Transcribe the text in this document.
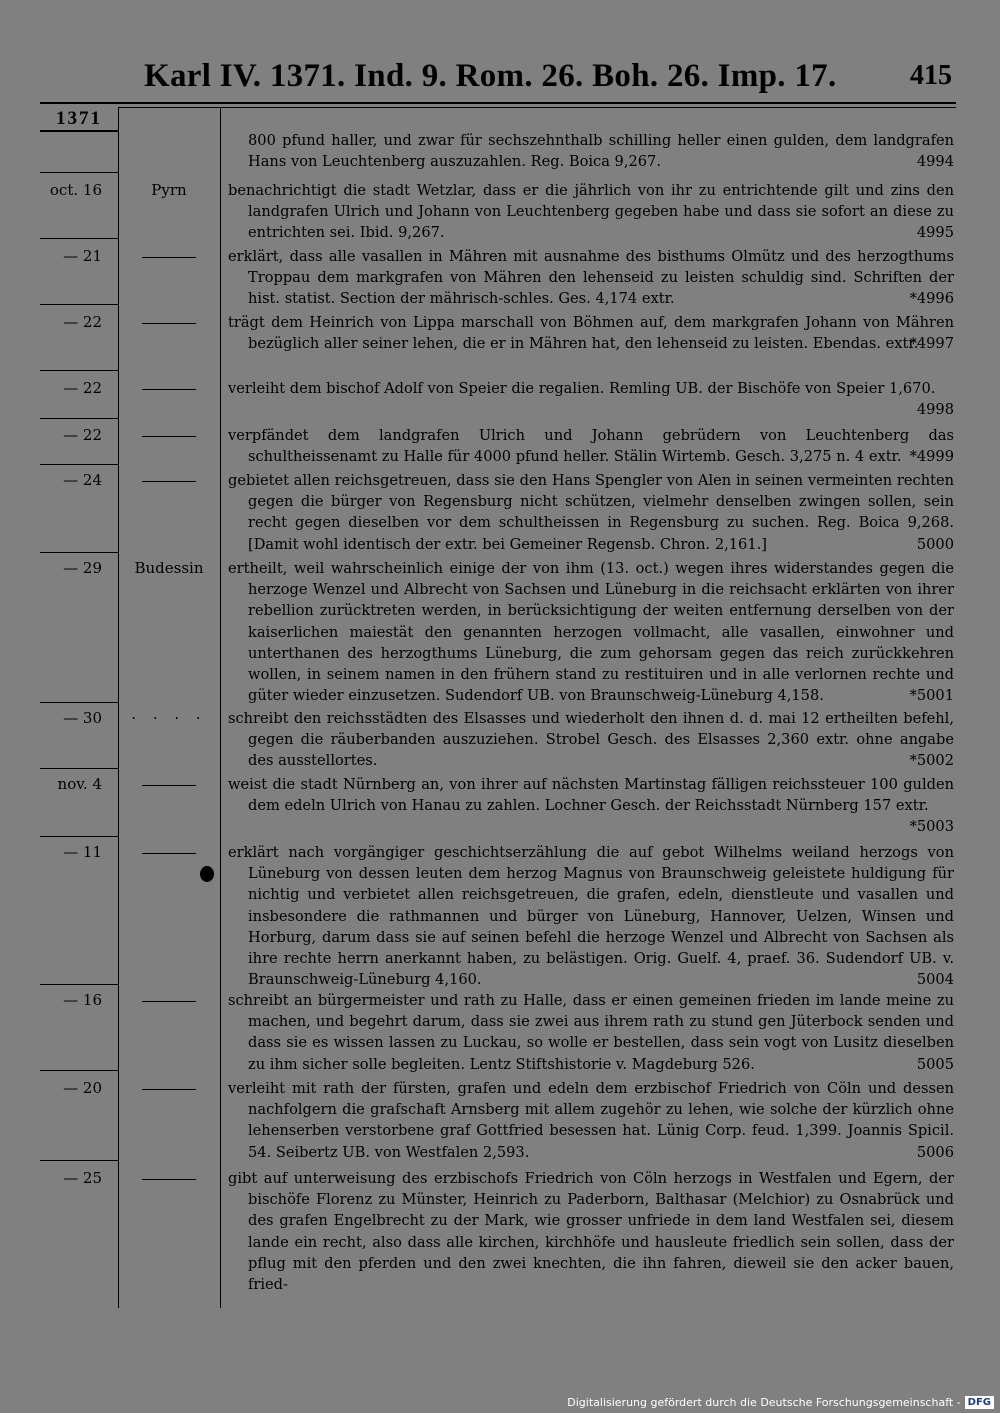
Karl IV. 1371. Ind. 9. Rom. 26. Boh. 26. Imp. 17.	415
1371

800 pfund haller, und zwar für sechszehnthalb schilling heller einen gulden, dem landgrafen Hans von Leuchtenberg auszuzahlen. Reg. Boica 9,267.	4994

oct. 16	Pyrn	benachrichtigt die stadt Wetzlar, dass er die jährlich von ihr zu entrichtende gilt und zins den landgrafen Ulrich und Johann von Leuchtenberg gegeben habe und dass sie sofort an diese zu entrichten sei. Ibid. 9,267.	4995

— 21	erklärt, dass alle vasallen in Mähren mit ausnahme des bisthums Olmütz und des herzogthums Troppau dem markgrafen von Mähren den lehenseid zu leisten schuldig sind. Schriften der hist. statist. Section der mährisch-schles. Ges. 4,174 extr.	*4996

— 22	trägt dem Heinrich von Lippa marschall von Böhmen auf, dem markgrafen Johann von Mähren bezüglich aller seiner lehen, die er in Mähren hat, den lehenseid zu leisten. Ebendas. extr.
*4997

— 22	verleiht dem bischof Adolf von Speier die regalien. Remling UB. der Bischöfe von Speier 1,670.
4998

— 22	verpfändet dem landgrafen Ulrich und Johann gebrüdern von Leuchtenberg das schultheissenamt zu Halle für 4000 pfund heller. Stälin Wirtemb. Gesch. 3,275 n. 4 extr. *4999

— 24	gebietet allen reichsgetreuen, dass sie den Hans Spengler von Alen in seinen vermeinten rechten gegen die bürger von Regensburg nicht schützen, vielmehr denselben zwingen sollen, sein recht gegen dieselben vor dem schultheissen in Regensburg zu suchen. Reg. Boica 9,268. [Damit wohl identisch der extr. bei Gemeiner Regensb. Chron. 2,161.]	5000

— 29	Budessin	ertheilt, weil wahrscheinlich einige der von ihm (13. oct.) wegen ihres widerstandes gegen die herzoge Wenzel und Albrecht von Sachsen und Lüneburg in die reichsacht erklärten von ihrer rebellion zurücktreten werden, in berücksichtigung der weiten entfernung derselben von der kaiserlichen maiestät den genannten herzogen vollmacht, alle vasallen, einwohner und unterthanen des herzogthums Lüneburg, die zum gehorsam gegen das reich zurückkehren wollen, in seinem namen in den frühern stand zu restituiren und in alle verlornen rechte und güter wieder einzusetzen. Sudendorf UB. von Braunschweig-Lüneburg 4,158.	*5001

— 30	· · · ·	schreibt den reichsstädten des Elsasses und wiederholt den ihnen d. d. mai 12 ertheilten befehl, gegen die räuberbanden auszuziehen. Strobel Gesch. des Elsasses 2,360 extr. ohne angabe des ausstellortes.	*5002

nov. 4	weist die stadt Nürnberg an, von ihrer auf nächsten Martinstag fälligen reichssteuer 100 gulden dem edeln Ulrich von Hanau zu zahlen. Lochner Gesch. der Reichsstadt Nürnberg 157 extr.
*5003

— 11	erklärt nach vorgängiger geschichtserzählung die auf gebot Wilhelms weiland herzogs von Lüneburg von dessen leuten dem herzog Magnus von Braunschweig geleistete huldigung für nichtig und verbietet allen reichsgetreuen, die grafen, edeln, dienstleute und vasallen und insbesondere die rathmannen und bürger von Lüneburg, Hannover, Uelzen, Winsen und Horburg, darum dass sie auf seinen befehl die herzoge Wenzel und Albrecht von Sachsen als ihre rechte herrn anerkannt haben, zu belästigen. Orig. Guelf. 4, praef. 36. Sudendorf UB. v. Braunschweig-Lüneburg 4,160.	5004

— 16	schreibt an bürgermeister und rath zu Halle, dass er einen gemeinen frieden im lande meine zu machen, und begehrt darum, dass sie zwei aus ihrem rath zu stund gen Jüterbock senden und dass sie es wissen lassen zu Luckau, so wolle er bestellen, dass sein vogt von Lusitz dieselben zu ihm sicher solle begleiten. Lentz Stiftshistorie v. Magdeburg 526.	5005

— 20	verleiht mit rath der fürsten, grafen und edeln dem erzbischof Friedrich von Cöln und dessen nachfolgern die grafschaft Arnsberg mit allem zugehör zu lehen, wie solche der kürzlich ohne lehenserben verstorbene graf Gottfried besessen hat. Lünig Corp. feud. 1,399. Joannis Spicil. 54. Seibertz UB. von Westfalen 2,593.	5006

— 25	gibt auf unterweisung des erzbischofs Friedrich von Cöln herzogs in Westfalen und Egern, der bischöfe Florenz zu Münster, Heinrich zu Paderborn, Balthasar (Melchior) zu Osnabrück und des grafen Engelbrecht zu der Mark, wie grosser unfriede in dem land Westfalen sei, diesem lande ein recht, also dass alle kirchen, kirchhöfe und hausleute friedlich sein sollen, dass der pflug mit den pferden und den zwei knechten, die ihn fahren, dieweil sie den acker bauen, fried-

Digitalisierung gefördert durch die Deutsche Forschungsgemeinschaft - DFG
